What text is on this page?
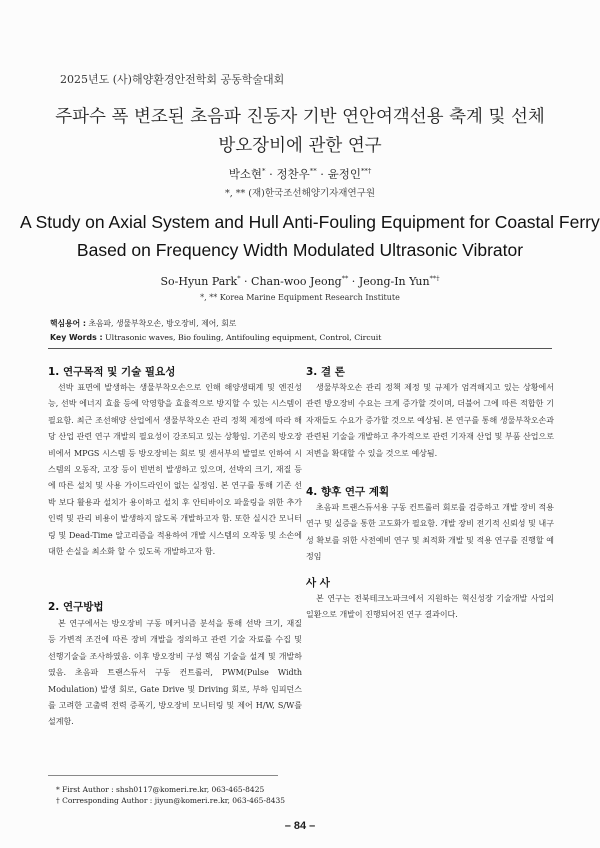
2025년도 (사)해양환경안전학회 공동학술대회
주파수 폭 변조된 초음파 진동자 기반 연안여객선용 축계 및 선체
방오장비에 관한 연구
박소현* · 정찬우** · 윤정인**†
*, ** (재)한국조선해양기자재연구원
A Study on Axial System and Hull Anti-Fouling Equipment for Coastal Ferry
Based on Frequency Width Modulated Ultrasonic Vibrator
So-Hyun Park* · Chan-woo Jeong** · Jeong-In Yun**†
*, ** Korea Marine Equipment Research Institute
핵심용어 : 초음파, 생물부착오손, 방오장비, 제어, 회로
Key Words : Ultrasonic waves, Bio fouling, Antifouling equipment, Control, Circuit
1. 연구목적 및 기술 필요성

선박 표면에 발생하는 생물부착오손으로 인해 해양생태계 및 엔진성능, 선박 에너지 효율 등에 악영향을 효율적으로 방지할 수 있는 시스템이 필요함. 최근 조선해양 산업에서 생물부착오손 관리 정책 제정에 따라 해당 산업 관련 연구 개발의 필요성이 강조되고 있는 상황임. 기존의 방오장비에서 MPGS 시스템 등 방오장비는 회로 및 센서부의 발열로 인하여 시스템의 오동작, 고장 등이 빈번히 발생하고 있으며, 선박의 크기, 재질 등에 따른 설치 및 사용 가이드라인이 없는 실정임. 본 연구를 통해 기존 선박 보다 활용과 설치가 용이하고 설치 후 안티바이오 파울링을 위한 추가 인력 및 관리 비용이 발생하지 않도록 개발하고자 함. 또한 실시간 모니터링 및 Dead-Time 알고리즘을 적용하여 개발 시스템의 오작동 및 소손에 대한 손실을 최소화 할 수 있도록 개발하고자 함.

2. 연구방법

본 연구에서는 방오장비 구동 메커니즘 분석을 통해 선박 크기, 재질 등 가변적 조건에 따른 장비 개발을 정의하고 관련 기술 자료를 수집 및 선행기술을 조사하였음. 이후 방오장비 구성 핵심 기술을 설계 및 개발하였음. 초음파 트랜스듀서 구동 컨트롤러, PWM(Pulse Width Modulation) 발생 회로, Gate Drive 및 Driving 회로, 부하 임피던스를 고려한 고출력 전력 증폭기, 방오장비 모니터링 및 제어 H/W, S/W를 설계함.

3. 결 론

생물부착오손 관리 정책 제정 및 규제가 엄격해지고 있는 상황에서 관련 방오장비 수요는 크게 증가할 것이며, 더불어 그에 따른 적합한 기자재들도 수요가 증가할 것으로 예상됨. 본 연구를 통해 생물부착오손과 관련된 기술을 개발하고 추가적으로 관련 기자재 산업 및 부품 산업으로 저변을 확대할 수 있을 것으로 예상됨.

4. 향후 연구 계획

초음파 트랜스듀서용 구동 컨트롤러 회로를 검증하고 개발 장비 적용 연구 및 실증을 통한 고도화가 필요함. 개발 장비 전기적 신뢰성 및 내구성 확보를 위한 사전예비 연구 및 최적화 개발 및 적용 연구를 진행할 예정임

사 사

본 연구는 전북테크노파크에서 지원하는 혁신성장 기술개발 사업의 일환으로 개발이 진행되어진 연구 결과이다.

* First Author : shsh0117@komeri.re.kr, 063-465-8425
† Corresponding Author : jiyun@komeri.re.kr, 063-465-8435
– 84 –
